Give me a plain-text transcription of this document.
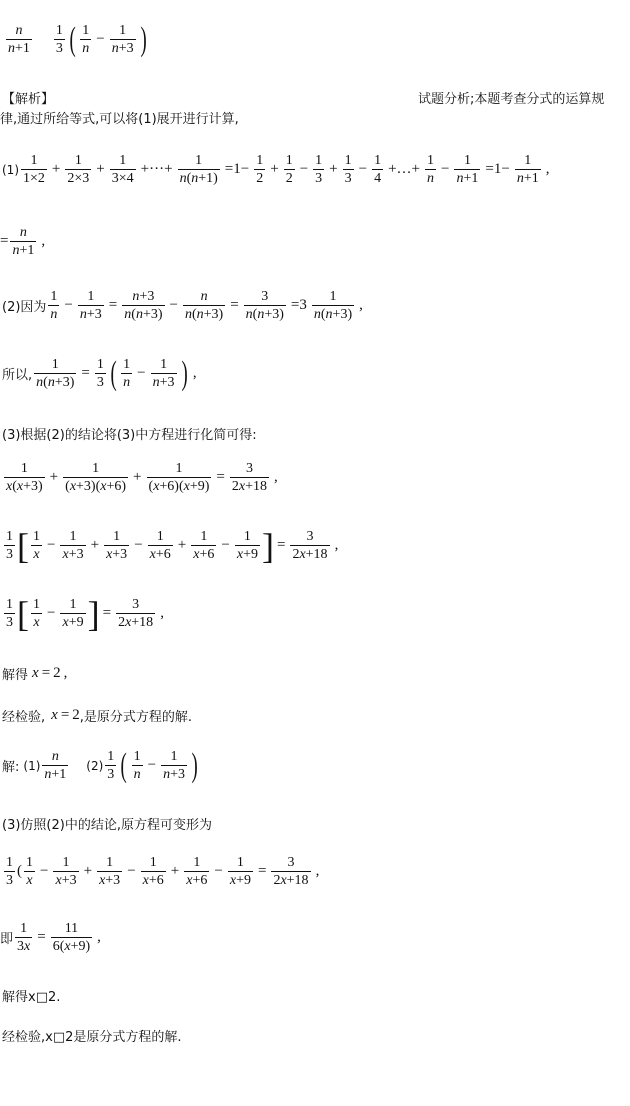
$\frac{n}{n+1} \frac{1}{3}$ ( $\frac{1}{n} - \frac{1}{n+3}$ )
【解析】	试题分析;本题考查分式的运算规
律,通过所给等式,可以将(1)展开进行计算,
$(1) \frac{1}{1\times 2} + \frac{1}{2\times 3} + \frac{1}{3\times 4}$ +···+ $\frac{1}{n(n+1)} =1- \frac{1}{2} + \frac{1}{2} - \frac{1}{3} + \frac{1}{3} - \frac{1}{4}$ +…+ $\frac{1}{n} - \frac{1}{n+1} =1- \frac{1}{n+1}$ ,
= $\frac{n}{n+1}$ ,
(2)因为 $\frac{1}{n} - \frac{1}{n+3} = \frac{n+3}{n(n+3)} - \frac{n}{n(n+3)} = \frac{3}{n(n+3)} =3 \frac{1}{n(n+3)}$ ,
所以, $\frac{1}{n(n+3)} = \frac{1}{3}$ ( $\frac{1}{n} - \frac{1}{n+3}$ ) ,
(3)根据(2)的结论将(3)中方程进行化简可得:
$\frac{1}{x(x+3)} + \frac{1}{(x+3)(x+6)} + \frac{1}{(x+6)(x+9)} = \frac{3}{2x+18}$ ,
$\frac{1}{3}$ [ $\frac{1}{x} - \frac{1}{x+3} + \frac{1}{x+3} - \frac{1}{x+6} + \frac{1}{x+6} - \frac{1}{x+9}$ ] = $\frac{3}{2x+18}$ ,
$\frac{1}{3}$ [ $\frac{1}{x} - \frac{1}{x+9}$ ] = $\frac{3}{2x+18}$ ,
解得 x = 2 ,
经检验, x = 2 ,是原分式方程的解.
解: $(1) \frac{n}{n+1} (2) \frac{1}{3}$ ( $\frac{1}{n} - \frac{1}{n+3}$ )
(3)仿照(2)中的结论,原方程可变形为
$\frac{1}{3}$ ( $\frac{1}{x} - \frac{1}{x+3} + \frac{1}{x+3} - \frac{1}{x+6} + \frac{1}{x+6} - \frac{1}{x+9} = \frac{3}{2x+18}$ ,
即 $\frac{1}{3x} = \frac{11}{6(x+9)}$ ,
解得x□2.
经检验,x□2是原分式方程的解.
